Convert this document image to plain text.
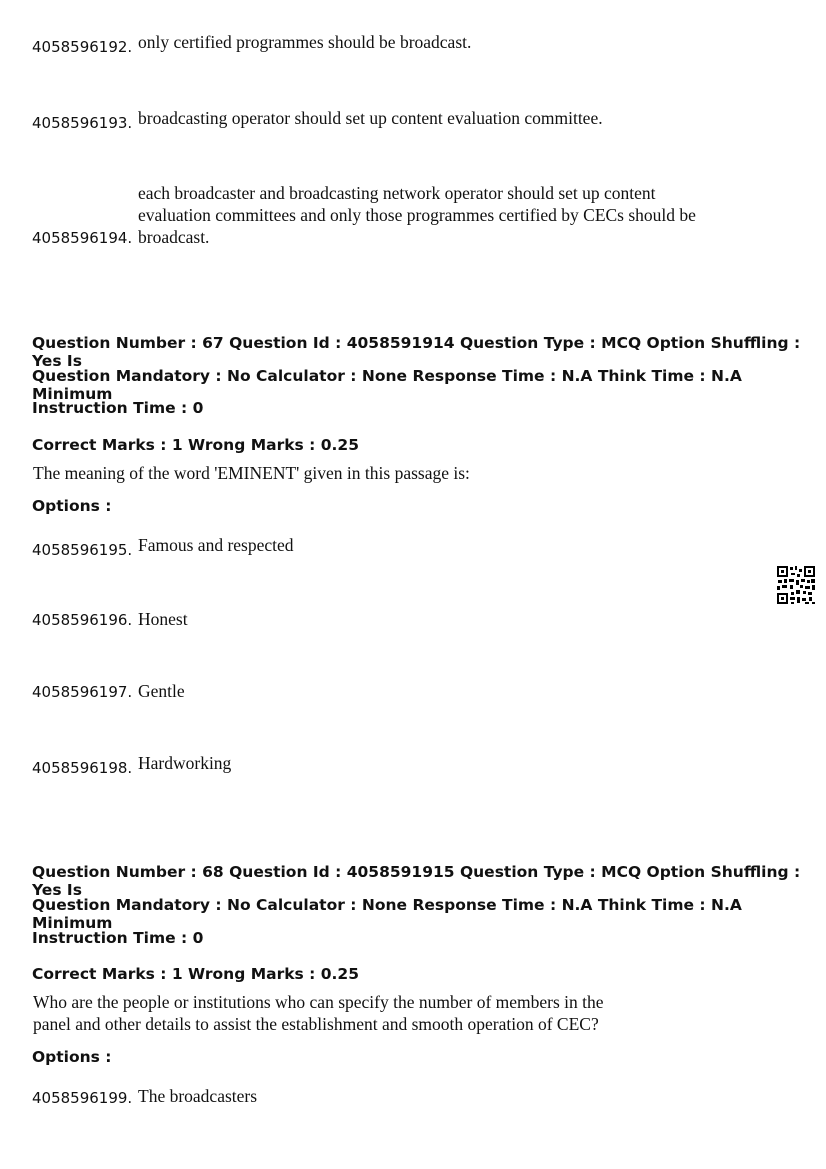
4058596192. only certified programmes should be broadcast.
4058596193. broadcasting operator should set up content evaluation committee.
each broadcaster and broadcasting network operator should set up content
evaluation committees and only those programmes certified by CECs should be
4058596194. broadcast.
Question Number : 67 Question Id : 4058591914 Question Type : MCQ Option Shuffling : Yes Is
Question Mandatory : No Calculator : None Response Time : N.A Think Time : N.A Minimum
Instruction Time : 0
Correct Marks : 1 Wrong Marks : 0.25
The meaning of the word 'EMINENT' given in this passage is:
Options :
4058596195. Famous and respected
4058596196. Honest
4058596197. Gentle
4058596198. Hardworking
Question Number : 68 Question Id : 4058591915 Question Type : MCQ Option Shuffling : Yes Is
Question Mandatory : No Calculator : None Response Time : N.A Think Time : N.A Minimum
Instruction Time : 0
Correct Marks : 1 Wrong Marks : 0.25
Who are the people or institutions who can specify the number of members in the
panel and other details to assist the establishment and smooth operation of CEC?
Options :
4058596199. The broadcasters
